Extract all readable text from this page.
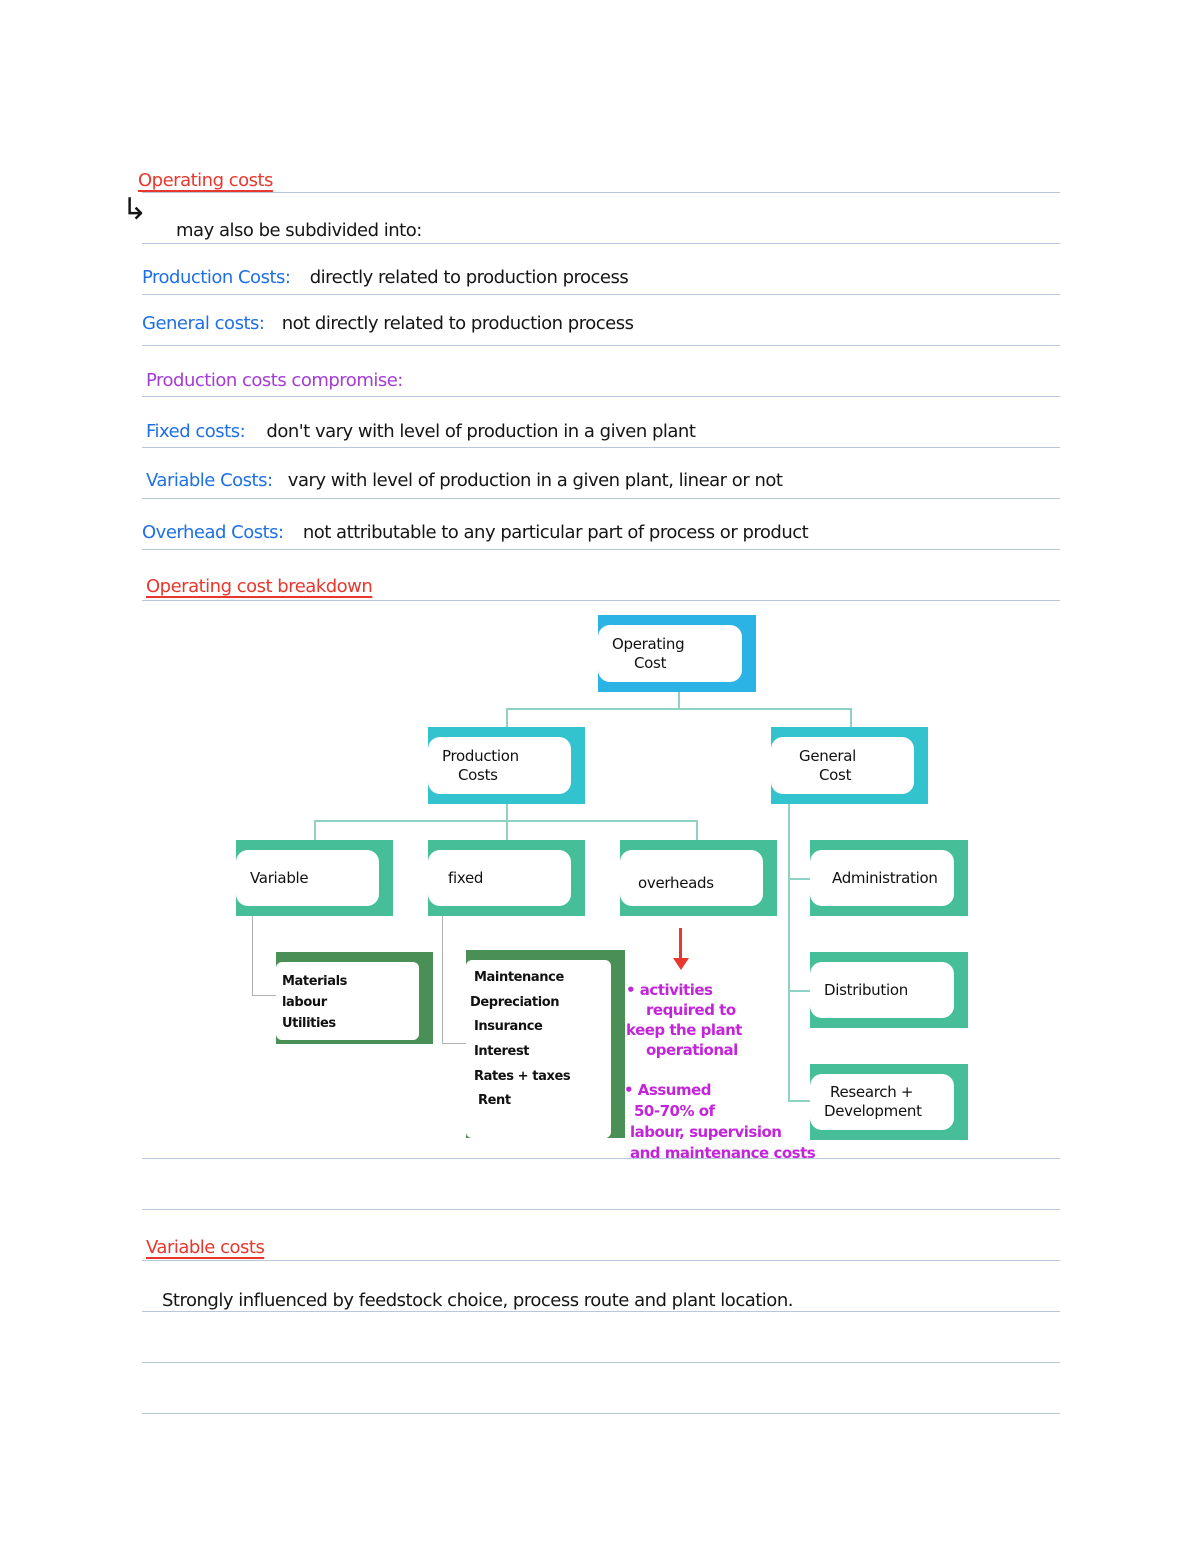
Operating costs
↳
may also be subdivided into:
Production Costs: directly related to production process
General costs: not directly related to production process
Production costs compromise:
Fixed costs: don't vary with level of production in a given plant
Variable Costs: vary with level of production in a given plant, linear or not
Overhead Costs: not attributable to any particular part of process or product
Operating cost breakdown
Operating
Cost
Production
Costs
General
Cost
Variable	fixed	overheads
Materials
labour
Utilities
Maintenance
Depreciation
Insurance
Interest
Rates + taxes
Rent
Administration
Distribution
Research +
Development
• activities
required to
keep the plant
operational
• Assumed
50-70% of
labour, supervision
and maintenance costs
Variable costs
Strongly influenced by feedstock choice, process route and plant location.
